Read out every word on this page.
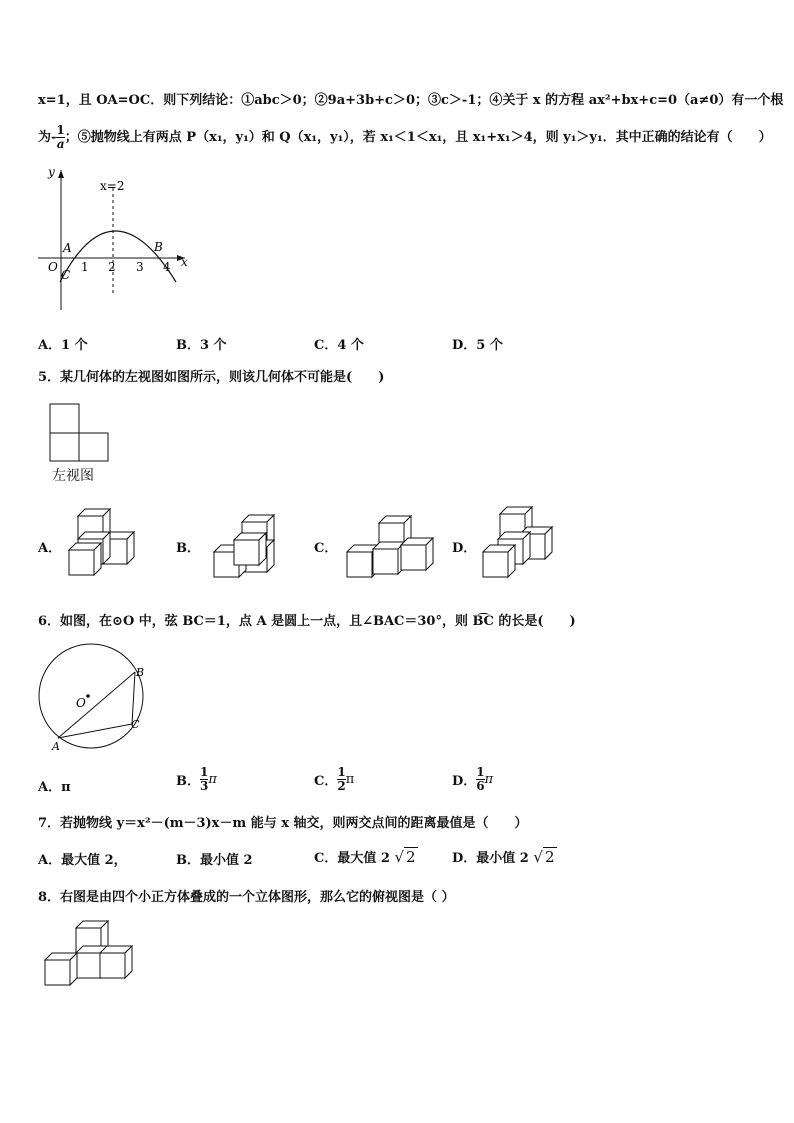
x=1，且 OA=OC．则下列结论：①abc＞0；②9a+3b+c＞0；③c＞-1；④关于 x 的方程 ax²+bx+c=0（a≠0）有一个根
为- $\frac{1}{a}$ ；⑤抛物线上有两点 P（x₁，y₁）和 Q（x₁，y₁），若 x₁＜1＜x₁，且 x₁+x₁＞4，则 y₁＞y₁．其中正确的结论有（　　）
y
x
x=2
A	B
C
O 1 2 3 4
A．1 个	B．3 个	C．4 个	D．5 个
5．某几何体的左视图如图所示，则该几何体不可能是(　　)
左视图
A．	B．	C．	D．
6．如图，在⊙O 中，弦 BC＝1，点 A 是圆上一点，且∠BAC＝30°，则 B͡C 的长是(　　)
O
A
B
C
A．π	B． $\frac{1}{3}$ π	C． $\frac{1}{2}$ π	D． $\frac{1}{6}$ π
7．若抛物线 y＝x²－(m－3)x－m 能与 x 轴交，则两交点间的距离最值是（　　）
A．最大值 2，	B．最小值 2	C．最大值 2 √ 2	D．最小值 2 √ 2
8．右图是由四个小正方体叠成的一个立体图形，那么它的俯视图是（ ）
